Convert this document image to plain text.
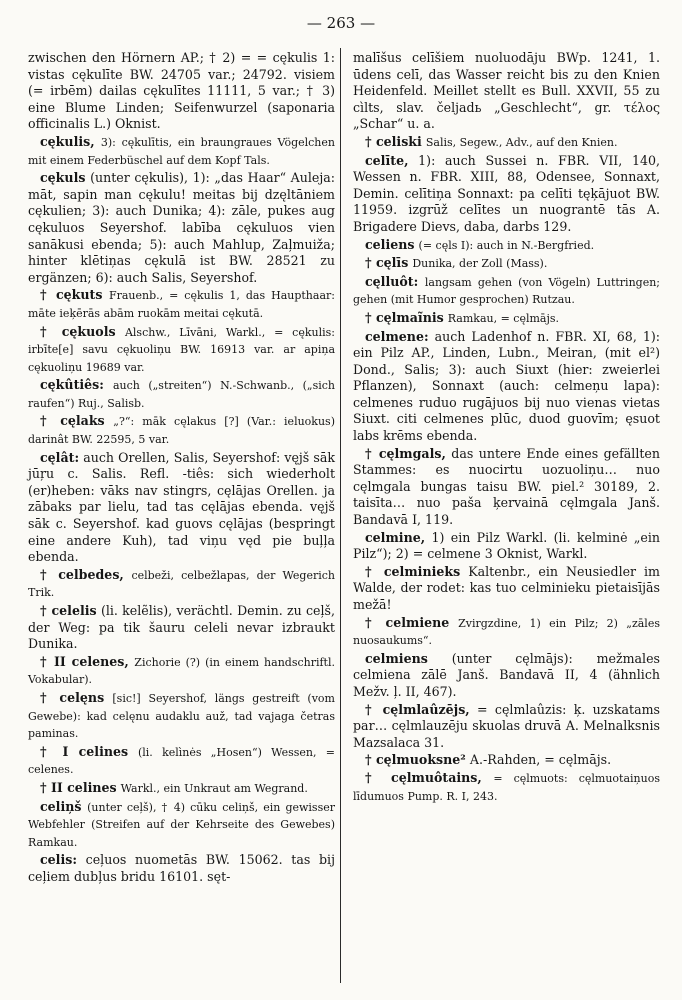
— 263 —

zwischen den Hörnern AP.; † 2) = = cękulis 1: vistas cękulīte BW. 24705 var.; 24792. visiem (= irbēm) dailas cękulītes 11111, 5 var.; † 3) eine Blume Linden; Seifenwurzel (saponaria officinalis L.) Oknist.

cękulis, 3): cękulītis, ein braungraues Vögelchen mit einem Federbüschel auf dem Kopf Tals.

cękuls (unter cękulis), 1): „das Haar“ Auleja: māt, sapin man cękulu! meitas bij dzęltāniem cękulien; 3): auch Dunika; 4): zāle, pukes aug cękuluos Seyershof. labība cękuluos vien sanākusi ebenda; 5): auch Mahlup, Zaļmuiža; hinter klētiņas cękulā ist BW. 28521 zu ergänzen; 6): auch Salis, Seyershof.

† cękuts Frauenb., = cękulis 1, das Haupthaar: māte ieķērās abām ruokām meitai cękutā.

† cękuols Alschw., Līvāni, Warkl., = cękulis: irbīte[e] savu cękuoliņu BW. 16913 var. ar apiņa cękuoliņu 19689 var.

cękûtiês: auch („streiten“) N.-Schwanb., („sich raufen“) Ruj., Salisb.

† cęlaks „?“: māk cęlakus [?] (Var.: ieluokus) darinât BW. 22595, 5 var.

cęlât: auch Orellen, Salis, Seyershof: vęjš sāk jūŗu c. Salis. Refl. -tiês: sich wiederholt (er)heben: vāks nav stingrs, cęlājas Orellen. ja zābaks par lielu, tad tas cęlājas ebenda. vęjš sāk c. Seyershof. kad guovs cęlājas (bespringt eine andere Kuh), tad viņu vęd pie buļļa ebenda.

† celbedes, celbeži, celbežlapas, der Wegerich Trik.

† celelis (li. kelẽlis), verächtl. Demin. zu ceļš, der Weg: pa tik šauru celeli nevar izbraukt Dunika.

† II celenes, Zichorie (?) (in einem handschriftl. Vokabular).

† celęns [sic!] Seyershof, längs gestreift (vom Gewebe): kad celęnu audaklu auž, tad vajaga četras paminas.

† I celines (li. kelìnės „Hosen“) Wessen, = celenes.

† II celines Warkl., ein Unkraut am Wegrand.

celiņš (unter ceļš), † 4) cūku celiņš, ein gewisser Webfehler (Streifen auf der Kehrseite des Gewebes) Ramkau.

celis: ceļuos nuometās BW. 15062. tas bij ceļiem dubļus bridu 16101. sęt-

malīšus celīšiem nuoluodāju BWp. 1241, 1. ūdens celī, das Wasser reicht bis zu den Knien Heidenfeld. Meillet stellt es Bull. XXVII, 55 zu cìlts, slav. čeljadь „Geschlecht“, gr. τέλος „Schar“ u. a.

† celiski Salis, Segew., Adv., auf den Knien.

celīte, 1): auch Sussei n. FBR. VII, 140, Wessen n. FBR. XIII, 88, Odensee, Sonnaxt, Demin. celītiņa Sonnaxt: pa celīti tęķājuot BW. 11959. izgrūž celītes un nuograntē tās A. Brigadere Dievs, daba, darbs 129.

celiens (= cęls I): auch in N.-Bergfried.

† cęlīs Dunika, der Zoll (Mass).

cęlluôt: langsam gehen (von Vögeln) Luttringen; gehen (mit Humor gesprochen) Rutzau.

† cęlmaĩnis Ramkau, = cęlmājs.

celmene: auch Ladenhof n. FBR. XI, 68, 1): ein Pilz AP., Linden, Lubn., Meiran, (mit el²) Dond., Salis; 3): auch Siuxt (hier: zweierlei Pflanzen), Sonnaxt (auch: celmeņu lapa): celmenes ruduo rugājuos bij nuo vienas vietas Siuxt. citi celmenes plūc, duod guovīm; ęsuot labs krēms ebenda.

† cęlmgals, das untere Ende eines gefällten Stammes: es nuocirtu uozuoliņu… nuo cęlmgala bungas taisu BW. piel.² 30189, 2. taisīta… nuo paša ķervainā cęlmgala Janš. Bandavā I, 119.

celmine, 1) ein Pilz Warkl. (li. kelminė „ein Pilz“); 2) = celmene 3 Oknist, Warkl.

† celminieks Kaltenbr., ein Neusiedler im Walde, der rodet: kas tuo celminieku pietaisījās mežā!

† celmiene Zvirgzdine, 1) ein Pilz; 2) „zāles nuosaukums“.

celmiens (unter cęlmājs): mežmales celmiena zālē Janš. Bandavā II, 4 (ähnlich Mežv. ļ. II, 467).

† cęlmlaûzējs, = cęlmlaûzis: ķ. uzskatams par… cęlmlauzēju skuolas druvā A. Melnalksnis Mazsalaca 31.

† cęlmuoksne² A.-Rahden, = cęlmājs.

† cęlmuôtains, = cęlmuots: cęlmuotaiņuos līdumuos Pump. R. I, 243.
